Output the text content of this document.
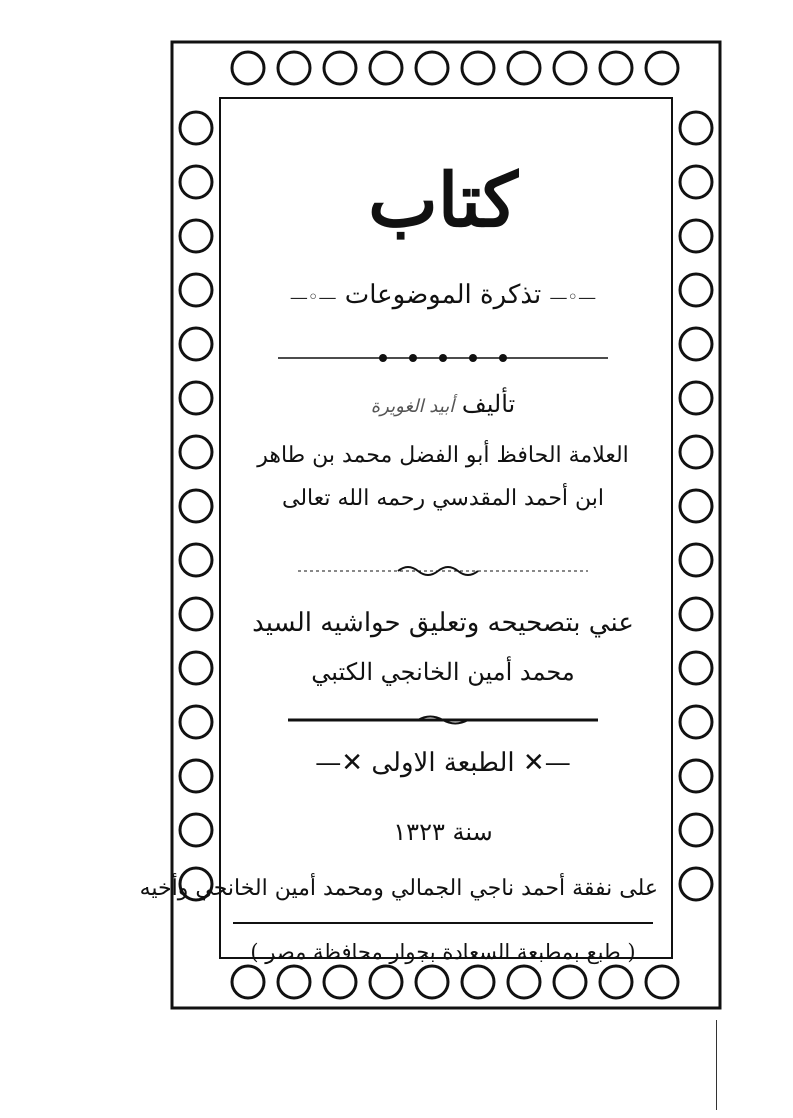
كتاب
—◦— تذكرة الموضوعات —◦—
تأليف أبيد الغويرة
العلامة الحافظ أبو الفضل محمد بن طاهر
ابن أحمد المقدسي رحمه الله تعالى
عني بتصحيحه وتعليق حواشيه السيد
محمد أمين الخانجي الكتبي
—✕ الطبعة الاولى ✕—
سنة ١٣٢٣
على نفقة أحمد ناجي الجمالي ومحمد أمين الخانجي وأخيه
( طبع بمطبعة السعادة بجوار محافظة مصر )
